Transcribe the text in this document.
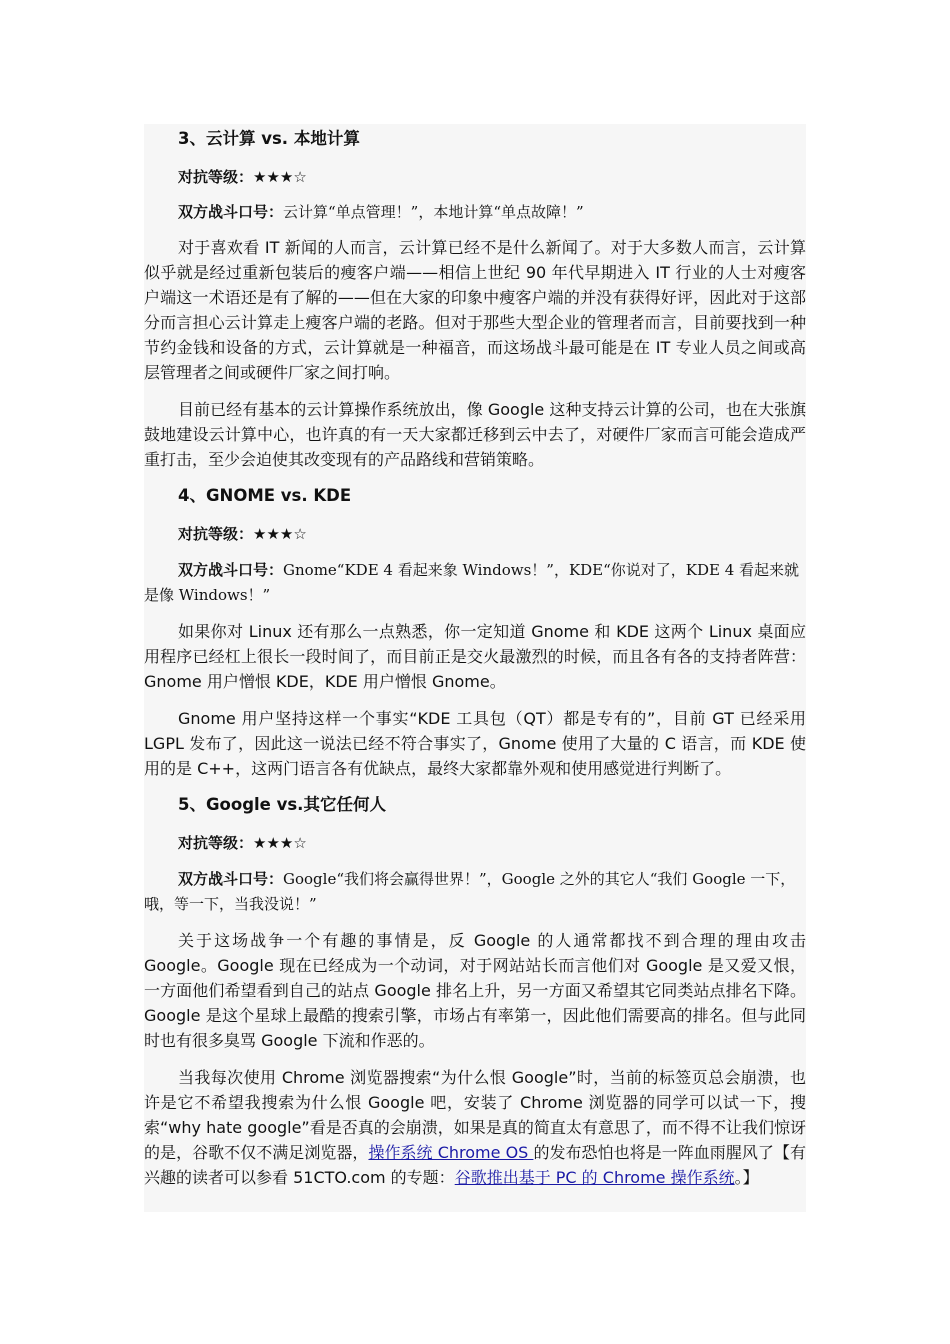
3、云计算 vs. 本地计算
对抗等级：★★★☆
双方战斗口号：云计算“单点管理！”，本地计算“单点故障！”
对于喜欢看 IT 新闻的人而言，云计算已经不是什么新闻了。对于大多数人而言，云计算似乎就是经过重新包装后的瘦客户端——相信上世纪 90 年代早期进入 IT 行业的人士对瘦客户端这一术语还是有了解的——但在大家的印象中瘦客户端的并没有获得好评，因此对于这部分而言担心云计算走上瘦客户端的老路。但对于那些大型企业的管理者而言，目前要找到一种节约金钱和设备的方式，云计算就是一种福音，而这场战斗最可能是在 IT 专业人员之间或高层管理者之间或硬件厂家之间打响。
目前已经有基本的云计算操作系统放出，像 Google 这种支持云计算的公司，也在大张旗鼓地建设云计算中心，也许真的有一天大家都迁移到云中去了，对硬件厂家而言可能会造成严重打击，至少会迫使其改变现有的产品路线和营销策略。
4、GNOME vs. KDE
对抗等级：★★★☆
双方战斗口号：Gnome“KDE 4 看起来象 Windows！”，KDE“你说对了，KDE 4 看起来就是像 Windows！”
如果你对 Linux 还有那么一点熟悉，你一定知道 Gnome 和 KDE 这两个 Linux 桌面应用程序已经杠上很长一段时间了，而目前正是交火最激烈的时候，而且各有各的支持者阵营：Gnome 用户憎恨 KDE，KDE 用户憎恨 Gnome。
Gnome 用户坚持这样一个事实“KDE 工具包（QT）都是专有的”，目前 GT 已经采用 LGPL 发布了，因此这一说法已经不符合事实了，Gnome 使用了大量的 C 语言，而 KDE 使用的是 C++，这两门语言各有优缺点，最终大家都靠外观和使用感觉进行判断了。
5、Google vs.其它任何人
对抗等级：★★★☆
双方战斗口号：Google“我们将会赢得世界！”，Google 之外的其它人“我们 Google 一下，哦，等一下，当我没说！”
关于这场战争一个有趣的事情是，反 Google 的人通常都找不到合理的理由攻击 Google。Google 现在已经成为一个动词，对于网站站长而言他们对 Google 是又爱又恨，一方面他们希望看到自己的站点 Google 排名上升，另一方面又希望其它同类站点排名下降。Google 是这个星球上最酷的搜索引擎，市场占有率第一，因此他们需要高的排名。但与此同时也有很多臭骂 Google 下流和作恶的。
当我每次使用 Chrome 浏览器搜索“为什么恨 Google”时，当前的标签页总会崩溃，也许是它不希望我搜索为什么恨 Google 吧，安装了 Chrome 浏览器的同学可以试一下，搜索“why hate google”看是否真的会崩溃，如果是真的简直太有意思了，而不得不让我们惊讶的是，谷歌不仅不满足浏览器，操作系统 Chrome OS 的发布恐怕也将是一阵血雨腥风了【有兴趣的读者可以参看 51CTO.com 的专题：谷歌推出基于 PC 的 Chrome 操作系统。】
